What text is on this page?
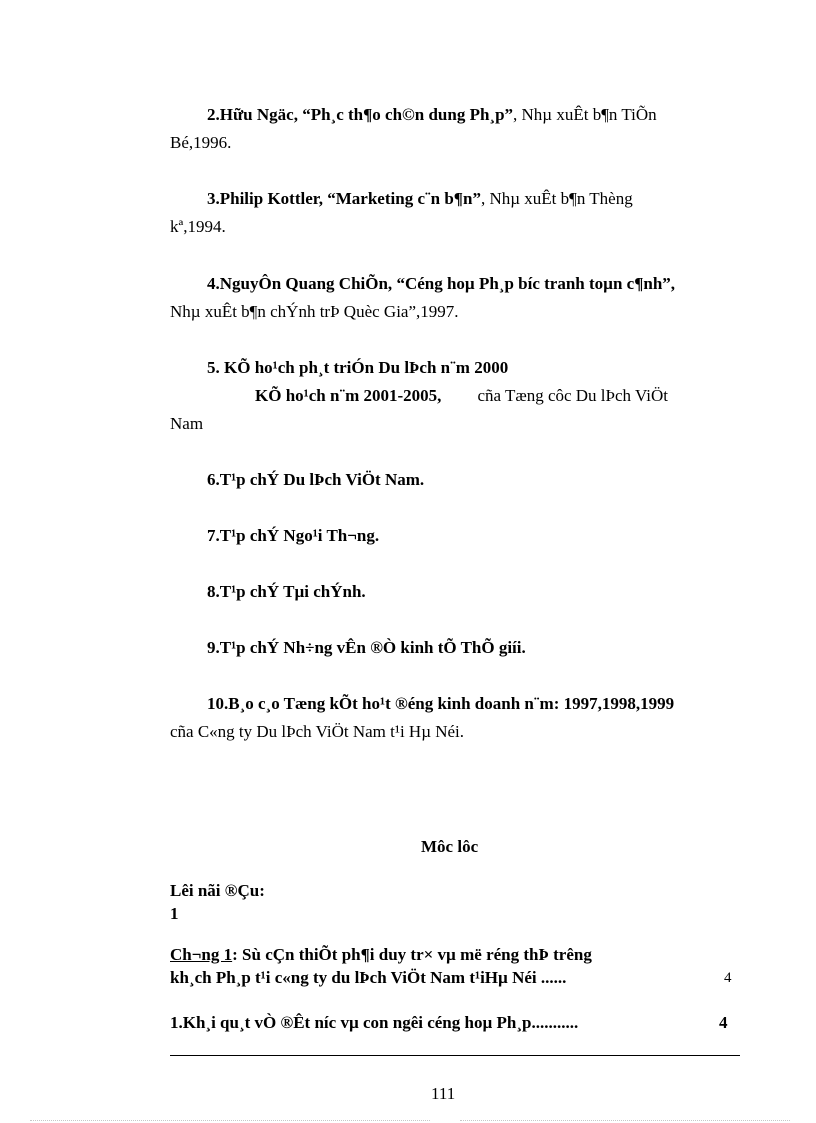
2.Hữu Ngäc, “Ph¸c th¶o ch©n dung Ph¸p”, Nhµ xuÊt b¶n TiÕn
Bé,1996.
3.Philip Kottler, “Marketing c¨n b¶n”, Nhµ xuÊt b¶n Thèng
kª,1994.
4.NguyÔn Quang ChiÕn, “Céng hoµ Ph¸p bíc tranh toµn c¶nh”,
Nhµ xuÊt b¶n chÝnh trÞ Quèc Gia”,1997.
5. KÕ ho¹ch ph¸t triÓn Du lÞch n¨m 2000
KÕ ho¹ch n¨m 2001-2005, cña Tæng côc Du lÞch ViÖt
Nam
6.T¹p chÝ Du lÞch ViÖt Nam.
7.T¹p chÝ Ngo¹i Th¬ng.
8.T¹p chÝ Tµi chÝnh.
9.T¹p chÝ Nh÷ng vÊn ®Ò kinh tÕ ThÕ giíi.
10.B¸o c¸o Tæng kÕt ho¹t ®éng kinh doanh n¨m: 1997,1998,1999
cña C«ng ty Du lÞch ViÖt Nam t¹i Hµ Néi.
Môc lôc
Lêi nãi ®Çu:
1
Ch¬ng 1: Sù cÇn thiÕt ph¶i duy tr× vµ më réng thÞ trêng
kh¸ch Ph¸p t¹i c«ng ty du lÞch ViÖt Nam t¹iHµ Néi ......	4
1.Kh¸i qu¸t vÒ ®Êt níc vµ con ngêi céng hoµ Ph¸p...........	4
111
